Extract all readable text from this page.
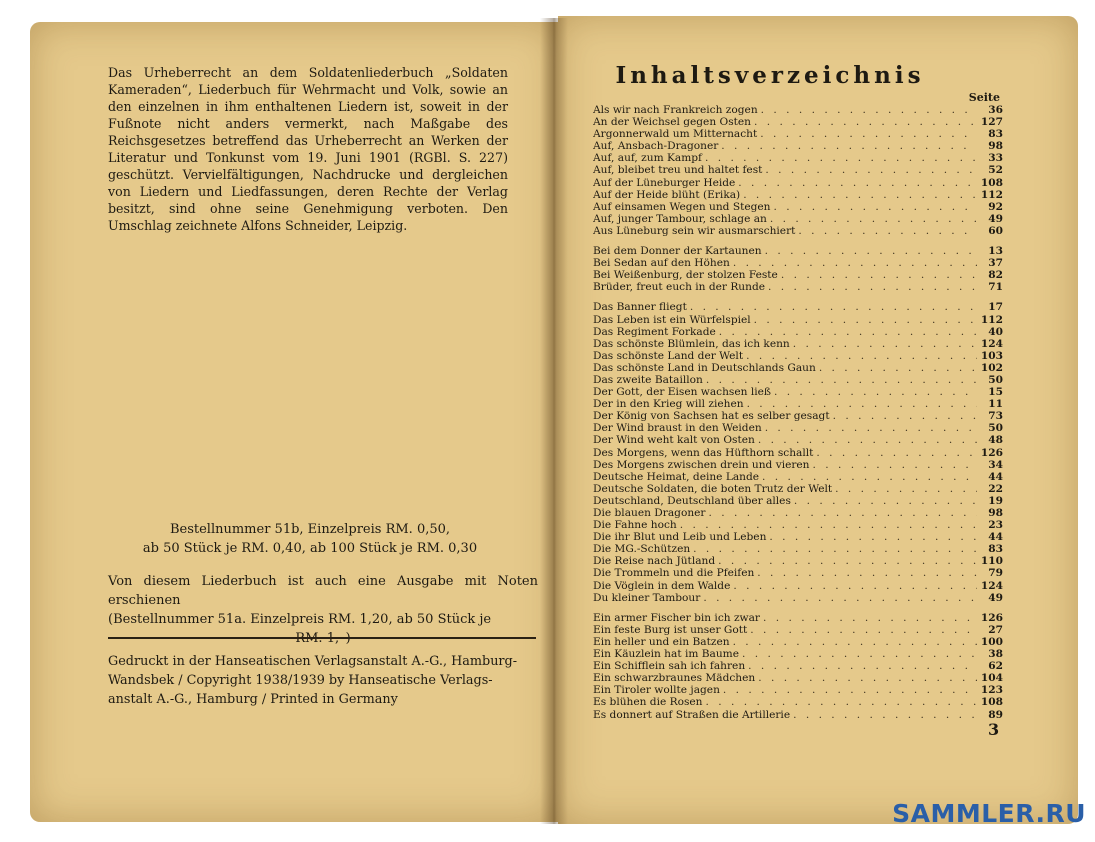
Das Urheberrecht an dem Soldatenliederbuch „Soldaten Kameraden“, Liederbuch für Wehrmacht und Volk, sowie an den einzelnen in ihm enthaltenen Liedern ist, soweit in der Fußnote nicht anders vermerkt, nach Maßgabe des Reichsgesetzes betreffend das Urheberrecht an Werken der Literatur und Tonkunst vom 19. Juni 1901 (RGBl. S. 227) geschützt. Vervielfältigungen, Nachdrucke und dergleichen von Liedern und Liedfassungen, deren Rechte der Verlag besitzt, sind ohne seine Genehmigung verboten. Den Umschlag zeichnete Alfons Schneider, Leipzig.

Bestellnummer 51b, Einzelpreis RM. 0,50,

ab 50 Stück je RM. 0,40, ab 100 Stück je RM. 0,30

Von diesem Liederbuch ist auch eine Ausgabe mit Noten erschienen

(Bestellnummer 51a. Einzelpreis RM. 1,20, ab 50 Stück je

RM. 1,–)

Gedruckt in der Hanseatischen Verlagsanstalt A.-G., Hamburg-

Wandsbek / Copyright 1938/1939 by Hanseatische Verlags-

anstalt A.-G., Hamburg / Printed in Germany

Inhaltsverzeichnis
Seite
Als wir nach Frankreich zogen . . .	36
An der Weichsel gegen Osten . . .	127
Argonnerwald um Mitternacht . . .	83
Auf, Ansbach-Dragoner . . .	98
Auf, auf, zum Kampf . . .	33
Auf, bleibet treu und haltet fest . . .	52
Auf der Lüneburger Heide . . .	108
Auf der Heide blüht (Erika) . . .	112
Auf einsamen Wegen und Stegen . . .	92
Auf, junger Tambour, schlage an . . .	49
Aus Lüneburg sein wir ausmarschiert . . .	60
Bei dem Donner der Kartaunen . . .	13
Bei Sedan auf den Höhen . . .	37
Bei Weißenburg, der stolzen Feste . . .	82
Brüder, freut euch in der Runde . . .	71
Das Banner fliegt . . .	17
Das Leben ist ein Würfelspiel . . .	112
Das Regiment Forkade . . .	40
Das schönste Blümlein, das ich kenn . . .	124
Das schönste Land der Welt . . .	103
Das schönste Land in Deutschlands Gaun . . .	102
Das zweite Bataillon . . .	50
Der Gott, der Eisen wachsen ließ . . .	15
Der in den Krieg will ziehen . . .	11
Der König von Sachsen hat es selber gesagt . . .	73
Der Wind braust in den Weiden . . .	50
Der Wind weht kalt von Osten . . .	48
Des Morgens, wenn das Hüfthorn schallt . . .	126
Des Morgens zwischen drein und vieren . . .	34
Deutsche Heimat, deine Lande . . .	44
Deutsche Soldaten, die boten Trutz der Welt . . .	22
Deutschland, Deutschland über alles . . .	19
Die blauen Dragoner . . .	98
Die Fahne hoch . . .	23
Die ihr Blut und Leib und Leben . . .	44
Die MG.-Schützen . . .	83
Die Reise nach Jütland . . .	110
Die Trommeln und die Pfeifen . . .	79
Die Vöglein in dem Walde . . .	124
Du kleiner Tambour . . .	49
Ein armer Fischer bin ich zwar . . .	126
Ein feste Burg ist unser Gott . . .	27
Ein heller und ein Batzen . . .	100
Ein Käuzlein hat im Baume . . .	38
Ein Schifflein sah ich fahren . . .	62
Ein schwarzbraunes Mädchen . . .	104
Ein Tiroler wollte jagen . . .	123
Es blühen die Rosen . . .	108
Es donnert auf Straßen die Artillerie . . .	89
3
SAMMLER.RU
